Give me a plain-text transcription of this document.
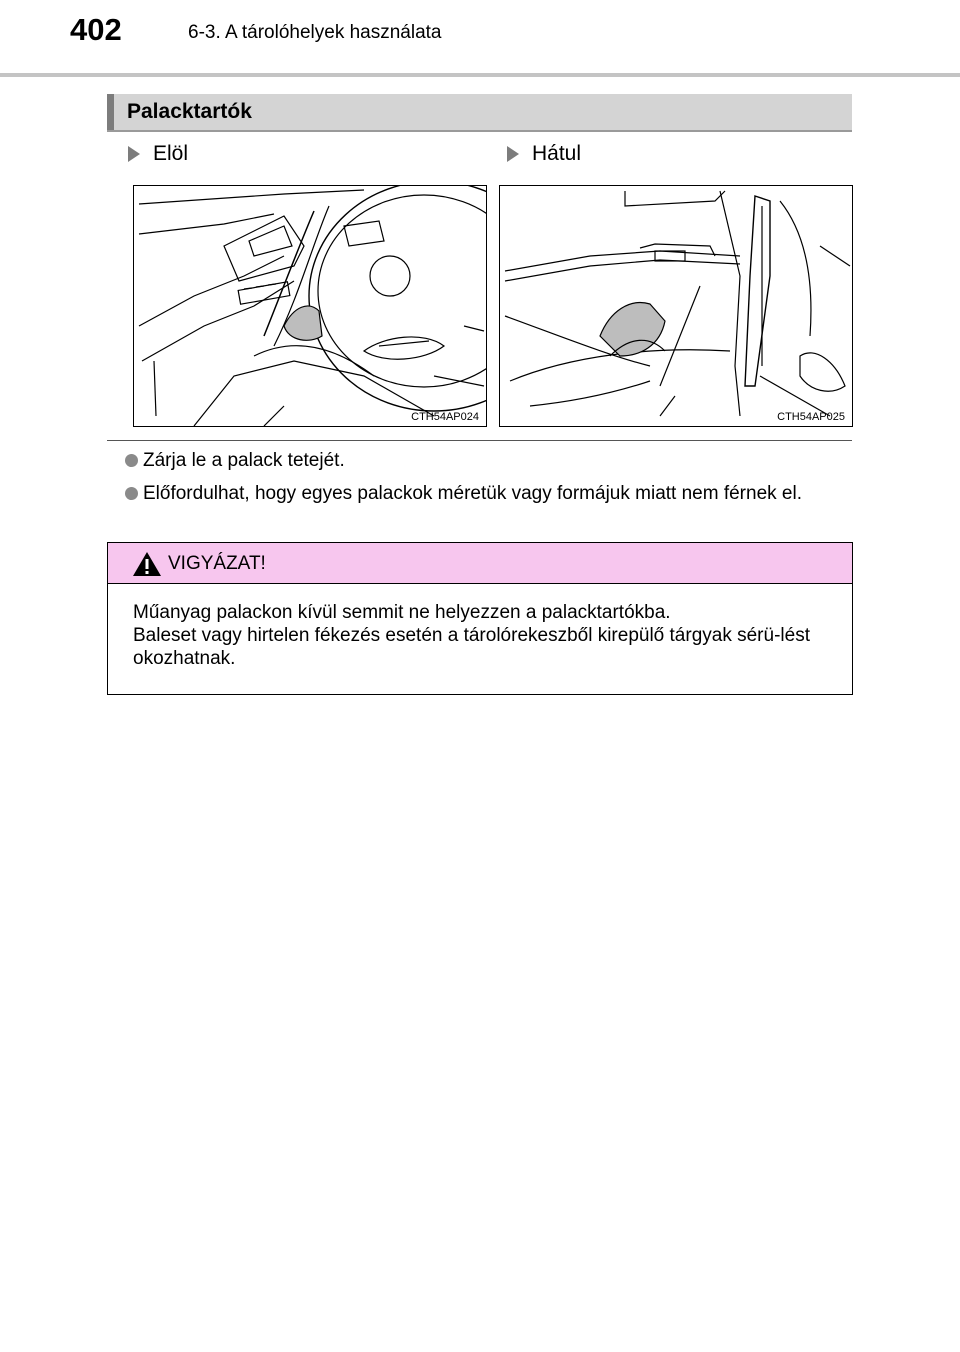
402	6-3. A tárolóhelyek használata
Palacktartók
Elöl	Hátul
CTH54AP024	CTH54AP025
Zárja le a palack tetejét.
Előfordulhat, hogy egyes palackok méretük vagy formájuk miatt nem férnek el.
VIGYÁZAT!

Műanyag palackon kívül semmit ne helyezzen a palacktartókba.

Baleset vagy hirtelen fékezés esetén a tárolórekeszből kirepülő tárgyak sérü-lést okozhatnak.
